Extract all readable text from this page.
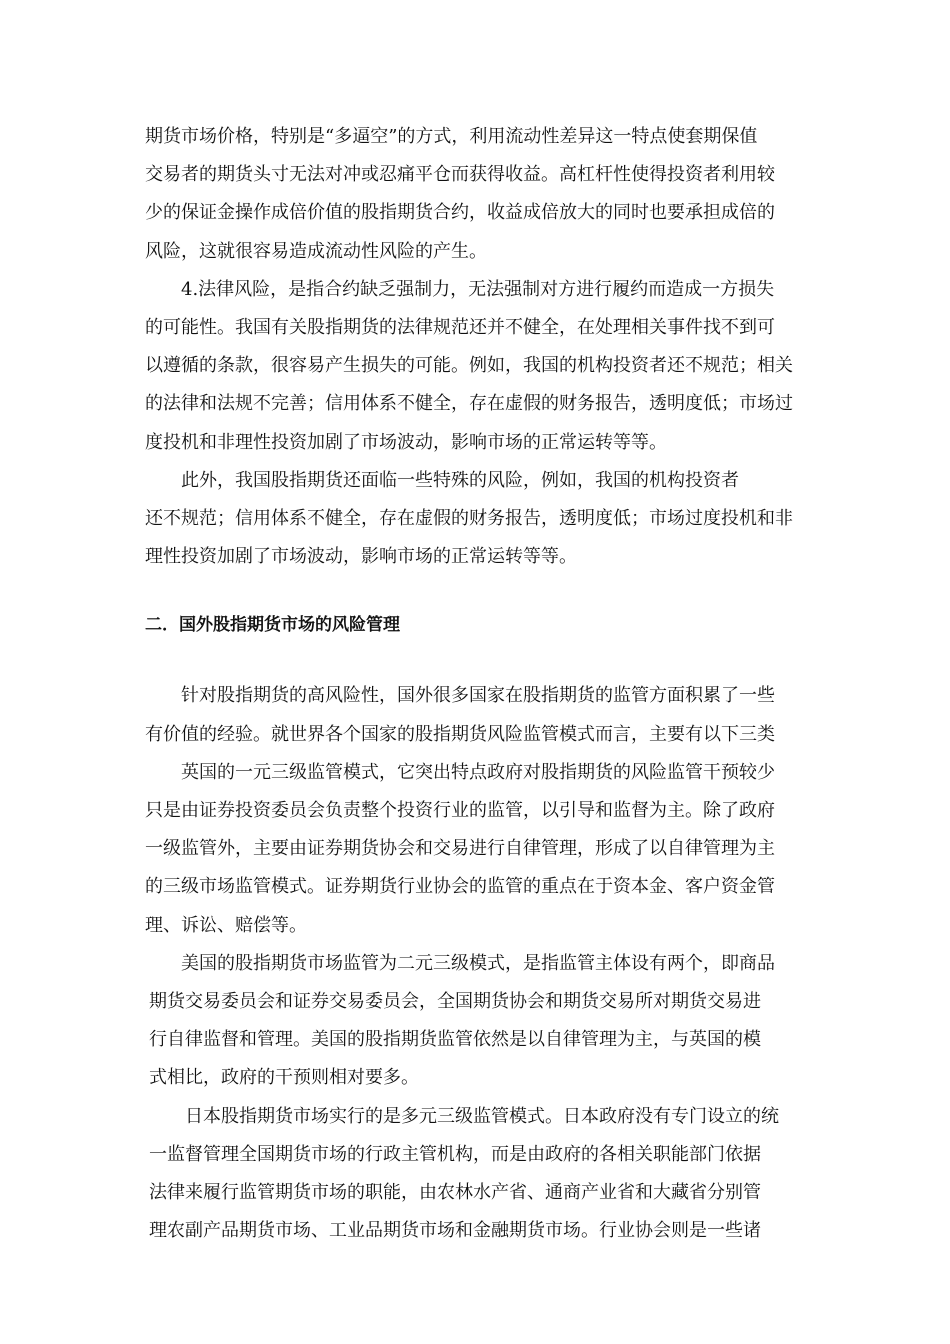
期货市场价格，特别是“多逼空”的方式，利用流动性差异这一特点使套期保值
交易者的期货头寸无法对冲或忍痛平仓而获得收益。高杠杆性使得投资者利用较
少的保证金操作成倍价值的股指期货合约，收益成倍放大的同时也要承担成倍的
风险，这就很容易造成流动性风险的产生。
4.法律风险，是指合约缺乏强制力，无法强制对方进行履约而造成一方损失
的可能性。我国有关股指期货的法律规范还并不健全，在处理相关事件找不到可
以遵循的条款，很容易产生损失的可能。例如，我国的机构投资者还不规范；相关
的法律和法规不完善；信用体系不健全，存在虚假的财务报告，透明度低；市场过
度投机和非理性投资加剧了市场波动，影响市场的正常运转等等。
此外，我国股指期货还面临一些特殊的风险，例如，我国的机构投资者
还不规范；信用体系不健全，存在虚假的财务报告，透明度低；市场过度投机和非
理性投资加剧了市场波动，影响市场的正常运转等等。
二．国外股指期货市场的风险管理
针对股指期货的高风险性，国外很多国家在股指期货的监管方面积累了一些
有价值的经验。就世界各个国家的股指期货风险监管模式而言，主要有以下三类
英国的一元三级监管模式，它突出特点政府对股指期货的风险监管干预较少
只是由证券投资委员会负责整个投资行业的监管，以引导和监督为主。除了政府
一级监管外，主要由证券期货协会和交易进行自律管理，形成了以自律管理为主
的三级市场监管模式。证券期货行业协会的监管的重点在于资本金、客户资金管
理、诉讼、赔偿等。
美国的股指期货市场监管为二元三级模式，是指监管主体设有两个，即商品
期货交易委员会和证券交易委员会，全国期货协会和期货交易所对期货交易进
行自律监督和管理。美国的股指期货监管依然是以自律管理为主，与英国的模
式相比，政府的干预则相对要多。
日本股指期货市场实行的是多元三级监管模式。日本政府没有专门设立的统
一监督管理全国期货市场的行政主管机构，而是由政府的各相关职能部门依据
法律来履行监管期货市场的职能，由农林水产省、通商产业省和大藏省分别管
理农副产品期货市场、工业品期货市场和金融期货市场。行业协会则是一些诸
